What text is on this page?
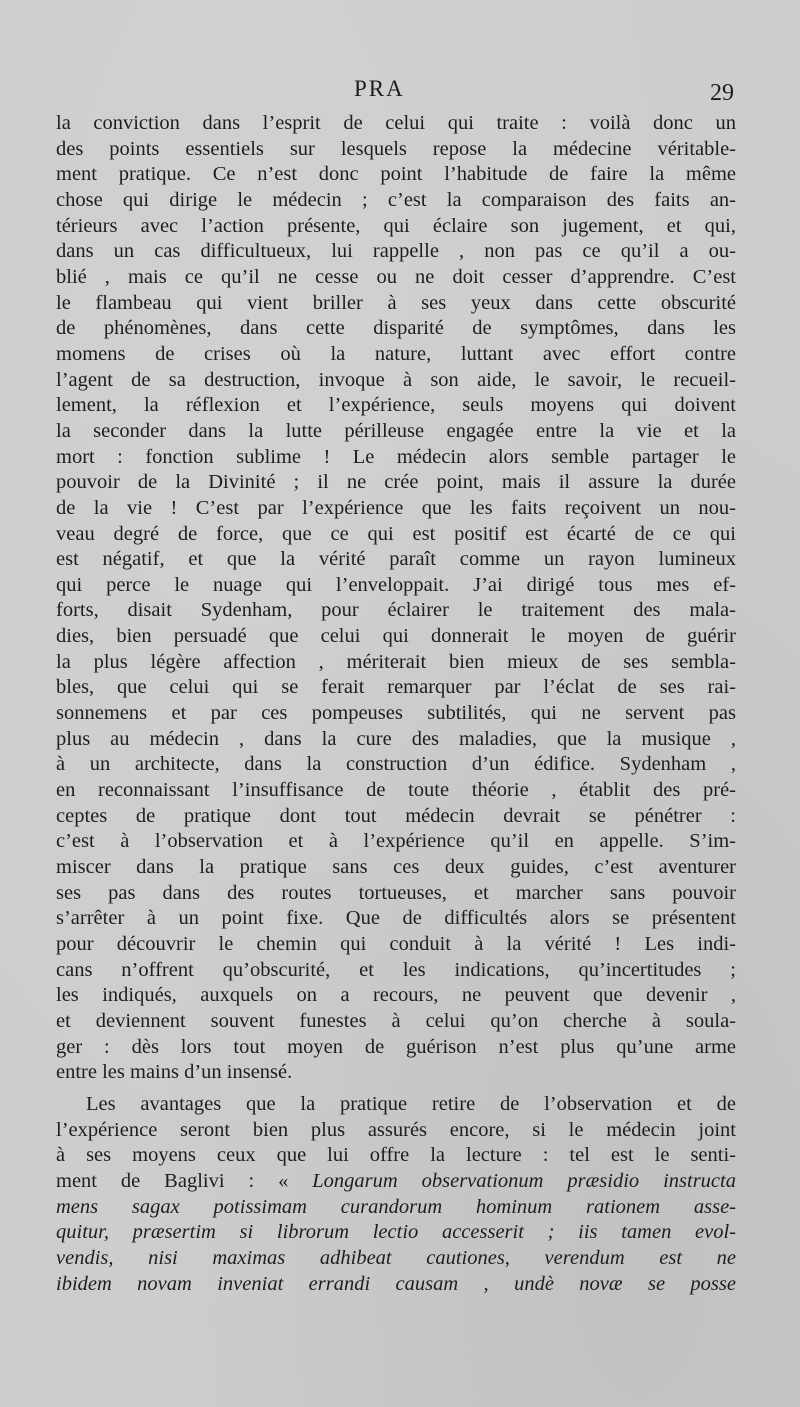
PRA	29
la conviction dans l’esprit de celui qui traite : voilà donc un
des points essentiels sur lesquels repose la médecine véritable-
ment pratique. Ce n’est donc point l’habitude de faire la même
chose qui dirige le médecin ; c’est la comparaison des faits an-
térieurs avec l’action présente, qui éclaire son jugement, et qui,
dans un cas difficultueux, lui rappelle , non pas ce qu’il a ou-
blié , mais ce qu’il ne cesse ou ne doit cesser d’apprendre. C’est
le flambeau qui vient briller à ses yeux dans cette obscurité
de phénomènes, dans cette disparité de symptômes, dans les
momens de crises où la nature, luttant avec effort contre
l’agent de sa destruction, invoque à son aide, le savoir, le recueil-
lement, la réflexion et l’expérience, seuls moyens qui doivent
la seconder dans la lutte périlleuse engagée entre la vie et la
mort : fonction sublime ! Le médecin alors semble partager le
pouvoir de la Divinité ; il ne crée point, mais il assure la durée
de la vie ! C’est par l’expérience que les faits reçoivent un nou-
veau degré de force, que ce qui est positif est écarté de ce qui
est négatif, et que la vérité paraît comme un rayon lumineux
qui perce le nuage qui l’enveloppait. J’ai dirigé tous mes ef-
forts, disait Sydenham, pour éclairer le traitement des mala-
dies, bien persuadé que celui qui donnerait le moyen de guérir
la plus légère affection , mériterait bien mieux de ses sembla-
bles, que celui qui se ferait remarquer par l’éclat de ses rai-
sonnemens et par ces pompeuses subtilités, qui ne servent pas
plus au médecin , dans la cure des maladies, que la musique ,
à un architecte, dans la construction d’un édifice. Sydenham ,
en reconnaissant l’insuffisance de toute théorie , établit des pré-
ceptes de pratique dont tout médecin devrait se pénétrer :
c’est à l’observation et à l’expérience qu’il en appelle. S’im-
miscer dans la pratique sans ces deux guides, c’est aventurer
ses pas dans des routes tortueuses, et marcher sans pouvoir
s’arrêter à un point fixe. Que de difficultés alors se présentent
pour découvrir le chemin qui conduit à la vérité ! Les indi-
cans n’offrent qu’obscurité, et les indications, qu’incertitudes ;
les indiqués, auxquels on a recours, ne peuvent que devenir ,
et deviennent souvent funestes à celui qu’on cherche à soula-
ger : dès lors tout moyen de guérison n’est plus qu’une arme
entre les mains d’un insensé.
Les avantages que la pratique retire de l’observation et de
l’expérience seront bien plus assurés encore, si le médecin joint
à ses moyens ceux que lui offre la lecture : tel est le senti-
ment de Baglivi : « Longarum observationum præsidio instructa
mens sagax potissimam curandorum hominum rationem asse-
quitur, præsertim si librorum lectio accesserit ; iis tamen evol-
vendis, nisi maximas adhibeat cautiones, verendum est ne
ibidem novam inveniat errandi causam , undè novæ se posse
